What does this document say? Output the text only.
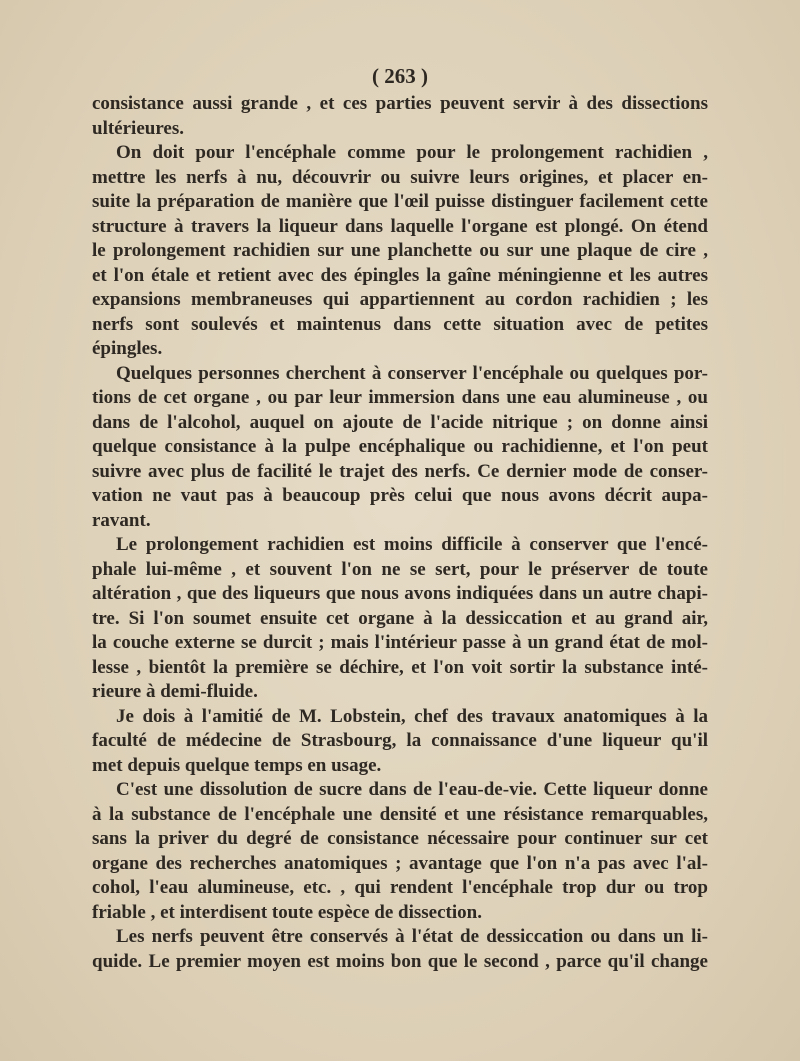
( 263 )
consistance aussi grande , et ces parties peuvent servir à des dissections
ultérieures.
On doit pour l'encéphale comme pour le prolongement rachidien ,
mettre les nerfs à nu, découvrir ou suivre leurs origines, et placer en-
suite la préparation de manière que l'œil puisse distinguer facilement cette
structure à travers la liqueur dans laquelle l'organe est plongé. On étend
le prolongement rachidien sur une planchette ou sur une plaque de cire ,
et l'on étale et retient avec des épingles la gaîne méningienne et les autres
expansions membraneuses qui appartiennent au cordon rachidien ; les
nerfs sont soulevés et maintenus dans cette situation avec de petites
épingles.
Quelques personnes cherchent à conserver l'encéphale ou quelques por-
tions de cet organe , ou par leur immersion dans une eau alumineuse , ou
dans de l'alcohol, auquel on ajoute de l'acide nitrique ; on donne ainsi
quelque consistance à la pulpe encéphalique ou rachidienne, et l'on peut
suivre avec plus de facilité le trajet des nerfs. Ce dernier mode de conser-
vation ne vaut pas à beaucoup près celui que nous avons décrit aupa-
ravant.
Le prolongement rachidien est moins difficile à conserver que l'encé-
phale lui-même , et souvent l'on ne se sert, pour le préserver de toute
altération , que des liqueurs que nous avons indiquées dans un autre chapi-
tre. Si l'on soumet ensuite cet organe à la dessiccation et au grand air,
la couche externe se durcit ; mais l'intérieur passe à un grand état de mol-
lesse , bientôt la première se déchire, et l'on voit sortir la substance inté-
rieure à demi-fluide.
Je dois à l'amitié de M. Lobstein, chef des travaux anatomiques à la
faculté de médecine de Strasbourg, la connaissance d'une liqueur qu'il
met depuis quelque temps en usage.
C'est une dissolution de sucre dans de l'eau-de-vie. Cette liqueur donne
à la substance de l'encéphale une densité et une résistance remarquables,
sans la priver du degré de consistance nécessaire pour continuer sur cet
organe des recherches anatomiques ; avantage que l'on n'a pas avec l'al-
cohol, l'eau alumineuse, etc. , qui rendent l'encéphale trop dur ou trop
friable , et interdisent toute espèce de dissection.
Les nerfs peuvent être conservés à l'état de dessiccation ou dans un li-
quide. Le premier moyen est moins bon que le second , parce qu'il change
